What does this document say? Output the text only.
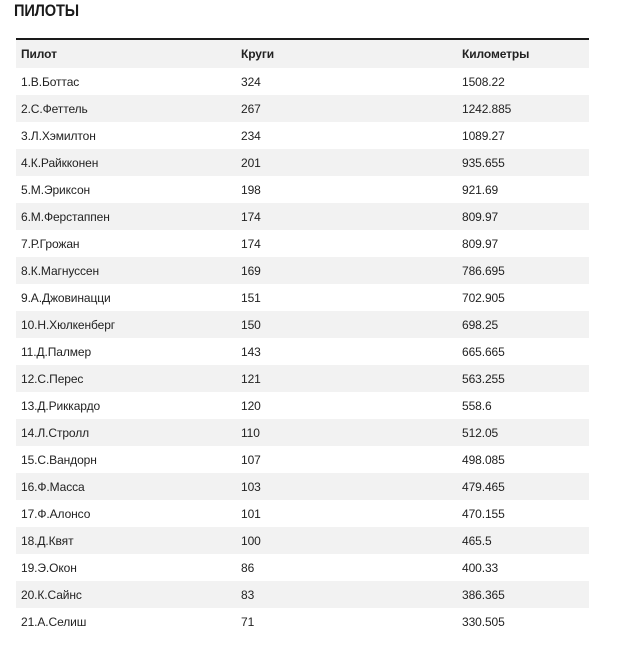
ПИЛОТЫ
Пилот	Круги	Километры
1.В.Боттас	324	1508.22
2.С.Феттель	267	1242.885
3.Л.Хэмилтон	234	1089.27
4.К.Райкконен	201	935.655
5.М.Эриксон	198	921.69
6.М.Ферстаппен	174	809.97
7.Р.Грожан	174	809.97
8.К.Магнуссен	169	786.695
9.А.Джовинацци	151	702.905
10.Н.Хюлкенберг	150	698.25
11.Д.Палмер	143	665.665
12.С.Перес	121	563.255
13.Д.Риккардо	120	558.6
14.Л.Стролл	110	512.05
15.С.Вандорн	107	498.085
16.Ф.Масса	103	479.465
17.Ф.Алонсо	101	470.155
18.Д.Квят	100	465.5
19.Э.Окон	86	400.33
20.К.Сайнс	83	386.365
21.А.Селиш	71	330.505
